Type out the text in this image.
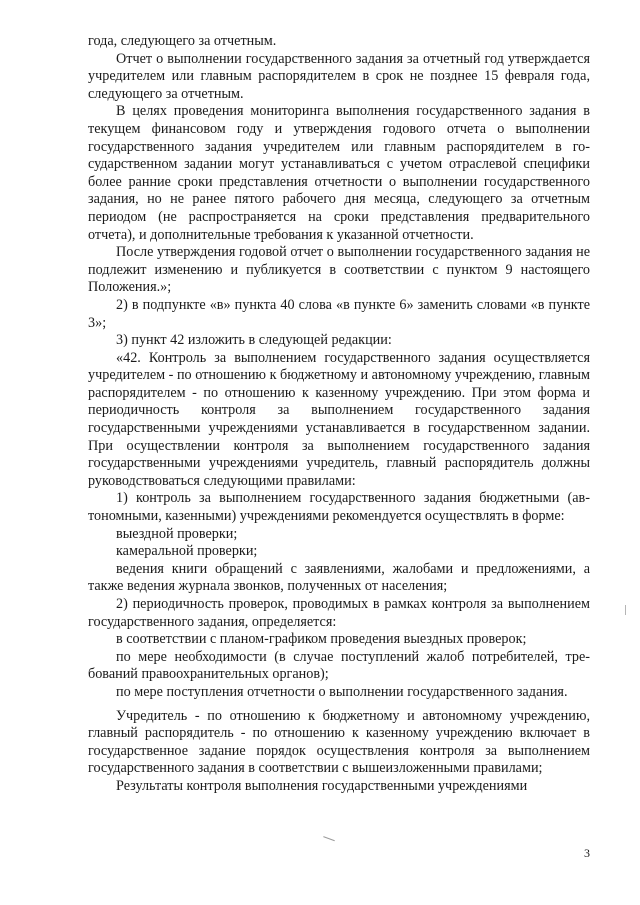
года, следующего за отчетным.

Отчет о выполнении государственного задания за отчетный год утверждается учредителем или главным распорядителем в срок не позднее 15 февраля года, следующего за отчетным.

В целях проведения мониторинга выполнения государственного задания в текущем финансовом году и утверждения годового отчета о выполнении государственного задания учредителем или главным распорядителем в государственном задании могут устанавливаться с учетом отраслевой специфики более ранние сроки представления отчетности о выполнении государственного задания, но не ранее пятого рабочего дня месяца, следующего за отчетным периодом (не распространяется на сроки представления предварительного отчета), и дополнительные требования к указанной отчетности.

После утверждения годовой отчет о выполнении государственного задания не подлежит изменению и публикуется в соответствии с пунктом 9 настоящего Положения.»;

2) в подпункте «в» пункта 40 слова «в пункте 6» заменить словами «в пункте 3»;

3) пункт 42 изложить в следующей редакции:

«42. Контроль за выполнением государственного задания осуществляется учредителем - по отношению к бюджетному и автономному учреждению, главным распорядителем - по отношению к казенному учреждению. При этом форма и периодичность контроля за выполнением государственного задания государственными учреждениями устанавливается в государственном задании. При осуществлении контроля за выполнением государственного задания государственными учреждениями учредитель, главный распорядитель должны руководствоваться следующими правилами:

1) контроль за выполнением государственного задания бюджетными (автономными, казенными) учреждениями рекомендуется осуществлять в форме:

выездной проверки;

камеральной проверки;

ведения книги обращений с заявлениями, жалобами и предложениями, а также ведения журнала звонков, полученных от населения;

2) периодичность проверок, проводимых в рамках контроля за выполнением государственного задания, определяется:

в соответствии с планом-графиком проведения выездных проверок;

по мере необходимости (в случае поступлений жалоб потребителей, требований правоохранительных органов);

по мере поступления отчетности о выполнении государственного задания.

Учредитель - по отношению к бюджетному и автономному учреждению, главный распорядитель - по отношению к казенному учреждению включает в государственное задание порядок осуществления контроля за выполнением государственного задания в соответствии с вышеизложенными правилами;

Результаты контроля выполнения государственными учреждениями

3
